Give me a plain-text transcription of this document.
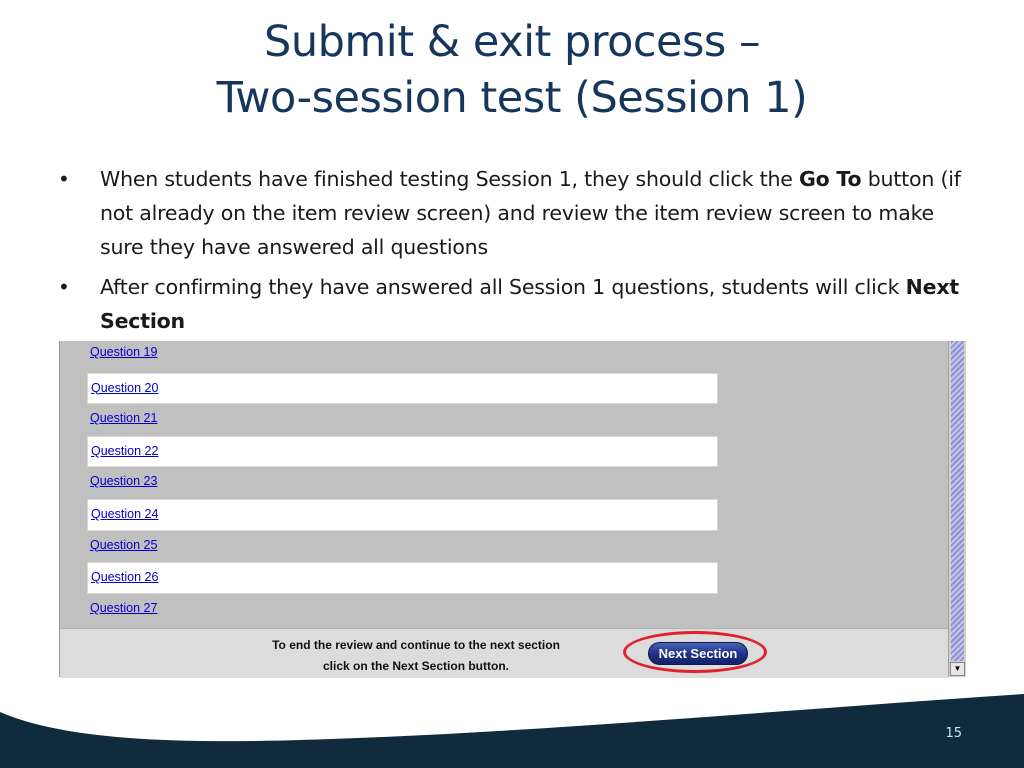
Submit & exit process –
Two-session test (Session 1)
• When students have finished testing Session 1, they should click the Go To button (if not already on the item review screen) and review the item review screen to make sure they have answered all questions
• After confirming they have answered all Session 1 questions, students will click Next Section
Question 19
Question 20
Question 21
Question 22
Question 23
Question 24
Question 25
Question 26
Question 27
To end the review and continue to the next section
click on the Next Section button.
Next Section
▼
15
